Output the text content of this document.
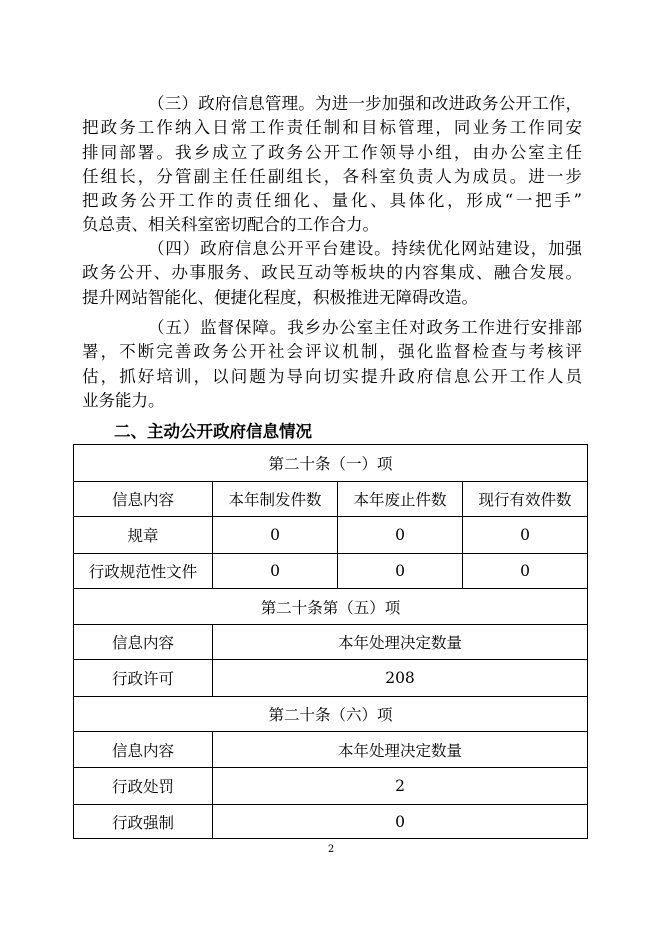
（三）政府信息管理。为进一步加强和改进政务公开工作，
把政务工作纳入日常工作责任制和目标管理，同业务工作同安
排同部署。我乡成立了政务公开工作领导小组，由办公室主任
任组长，分管副主任任副组长，各科室负责人为成员。进一步
把政务公开工作的责任细化、量化、具体化，形成“一把手”
负总责、相关科室密切配合的工作合力。
（四）政府信息公开平台建设。持续优化网站建设，加强
政务公开、办事服务、政民互动等板块的内容集成、融合发展。
提升网站智能化、便捷化程度，积极推进无障碍改造。
（五）监督保障。我乡办公室主任对政务工作进行安排部
署，不断完善政务公开社会评议机制，强化监督检查与考核评
估，抓好培训，以问题为导向切实提升政府信息公开工作人员
业务能力。
二、主动公开政府信息情况
第二十条（一）项			
信息内容	本年制发件数	本年废止件数	现行有效件数
规章	0	0	0
行政规范性文件	0	0	0
第二十条第（五）项			
信息内容	本年处理决定数量		
行政许可	208		
第二十条（六）项			
信息内容	本年处理决定数量		
行政处罚	2		
行政强制	0		
2
